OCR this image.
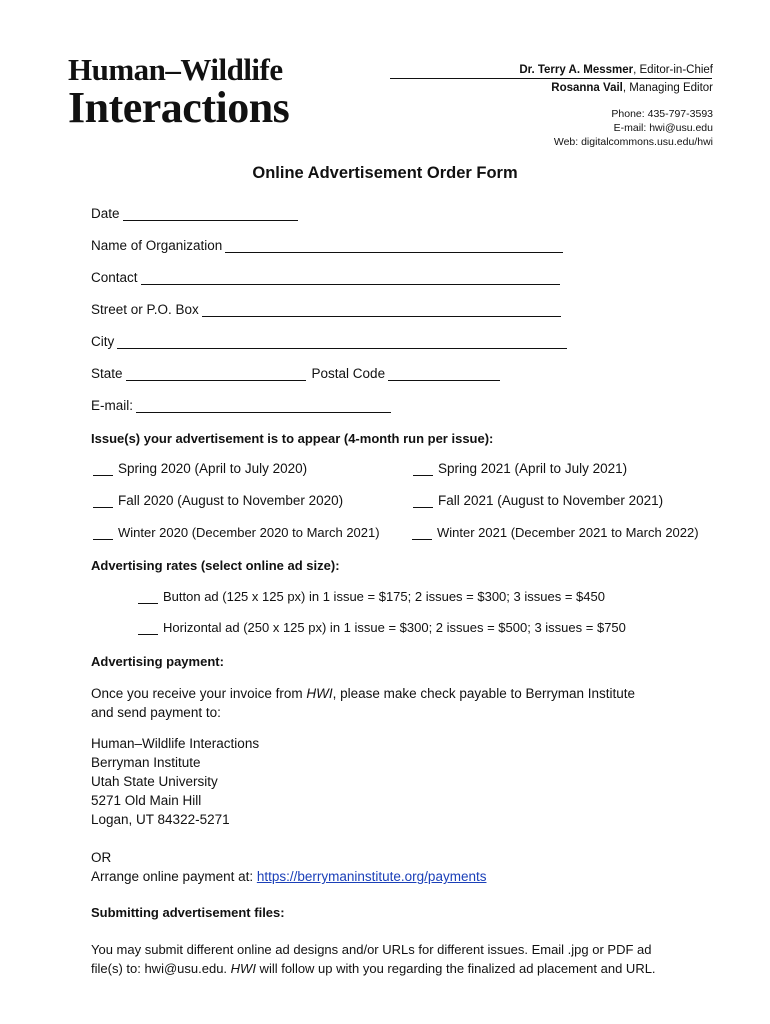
Human–Wildlife
Interactions
Dr. Terry A. Messmer, Editor-in-Chief
Rosanna Vail, Managing Editor
Phone: 435-797-3593
E-mail: hwi@usu.edu
Web: digitalcommons.usu.edu/hwi
Online Advertisement Order Form
Date
Name of Organization
Contact
Street or P.O. Box
City
State	Postal Code
E-mail:
Issue(s) your advertisement is to appear (4-month run per issue):
Spring 2020 (April to July 2020)	Spring 2021 (April to July 2021)
Fall 2020 (August to November 2020)	Fall 2021 (August to November 2021)
Winter 2020 (December 2020 to March 2021)	Winter 2021 (December 2021 to March 2022)
Advertising rates (select online ad size):
Button ad (125 x 125 px) in 1 issue = $175; 2 issues = $300; 3 issues = $450
Horizontal ad (250 x 125 px) in 1 issue = $300; 2 issues = $500; 3 issues = $750
Advertising payment:
Once you receive your invoice from HWI, please make check payable to Berryman Institute
and send payment to:
Human–Wildlife Interactions
Berryman Institute
Utah State University
5271 Old Main Hill
Logan, UT 84322-5271
OR
Arrange online payment at: https://berrymaninstitute.org/payments
Submitting advertisement files:
You may submit different online ad designs and/or URLs for different issues. Email .jpg or PDF ad
file(s) to: hwi@usu.edu. HWI will follow up with you regarding the finalized ad placement and URL.
